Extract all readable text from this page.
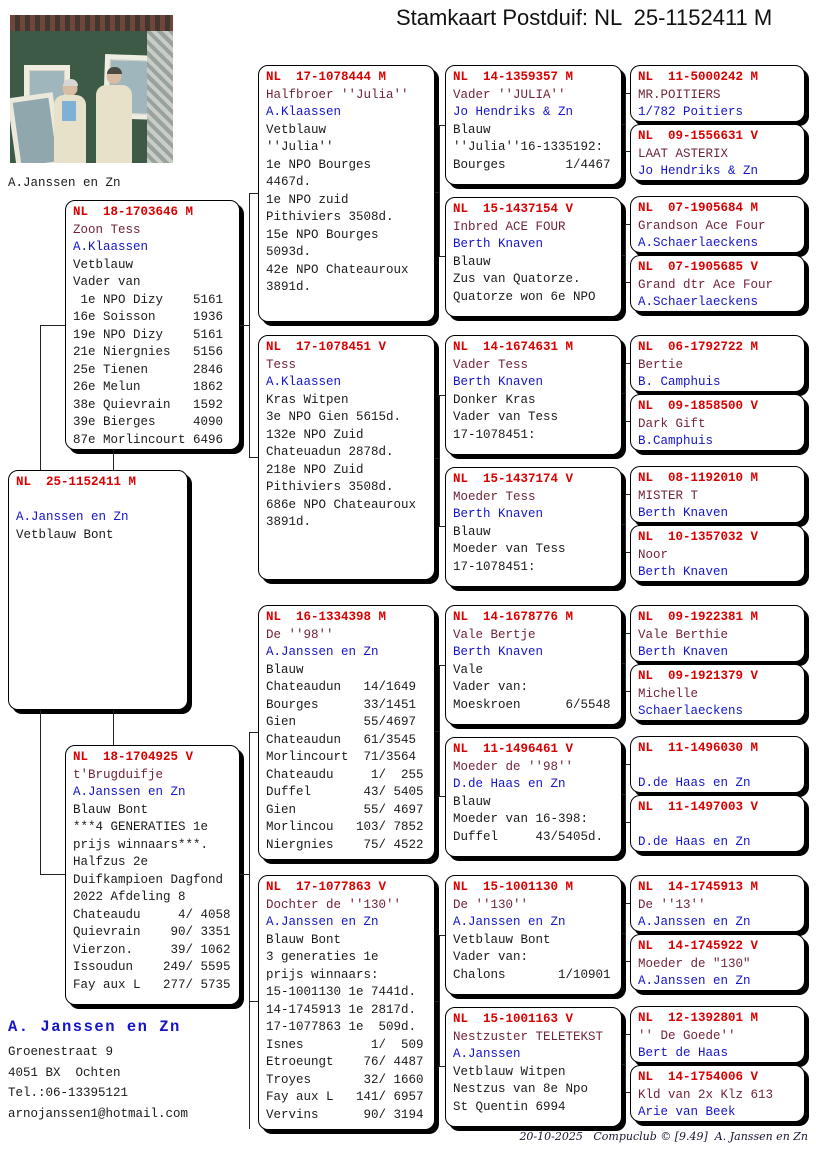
Stamkaart Postduif: NL  25-1152411 M
A.Janssen en Zn
NL  25-1152411 M
A.Janssen en Zn
Vetblauw Bont
NL  18-1703646 M
Zoon Tess
A.Klaassen
Vetblauw
Vader van
1e NPO Dizy    5161
16e Soisson     1936
19e NPO Dizy    5161
21e Niergnies   5156
25e Tienen      2846
26e Melun       1862
38e Quievrain   1592
39e Bierges     4090
87e Morlincourt 6496
NL  18-1704925 V
t'Brugduifje
A.Janssen en Zn
Blauw Bont
***4 GENERATIES 1e
prijs winnaars***.
Halfzus 2e
Duifkampioen Dagfond
2022 Afdeling 8
Chateaudu     4/ 4058
Quievrain    90/ 3351
Vierzon.     39/ 1062
Issoudun    249/ 5595
Fay aux L   277/ 5735
NL  17-1078444 M
Halfbroer ''Julia''
A.Klaassen
Vetblauw
''Julia''
1e NPO Bourges
4467d.
1e NPO zuid
Pithiviers 3508d.
15e NPO Bourges
5093d.
42e NPO Chateauroux
3891d.
NL  17-1078451 V
Tess
A.Klaassen
Kras Witpen
3e NPO Gien 5615d.
132e NPO Zuid
Chateuadun 2878d.
218e NPO Zuid
Pithiviers 3508d.
686e NPO Chateauroux
3891d.
NL  16-1334398 M
De ''98''
A.Janssen en Zn
Blauw
Chateaudun   14/1649
Bourges      33/1451
Gien         55/4697
Chateaudun   61/3545
Morlincourt  71/3564
Chateaudu     1/  255
Duffel       43/ 5405
Gien         55/ 4697
Morlincou   103/ 7852
Niergnies    75/ 4522
NL  17-1077863 V
Dochter de ''130''
A.Janssen en Zn
Blauw Bont
3 generaties 1e
prijs winnaars:
15-1001130 1e 7441d.
14-1745913 1e 2817d.
17-1077863 1e  509d.
Isnes         1/  509
Etroeungt    76/ 4487
Troyes       32/ 1660
Fay aux L   141/ 6957
Vervins      90/ 3194
NL  14-1359357 M
Vader ''JULIA''
Jo Hendriks & Zn
Blauw
''Julia''16-1335192:
Bourges        1/4467
NL  15-1437154 V
Inbred ACE FOUR
Berth Knaven
Blauw
Zus van Quatorze.
Quatorze won 6e NPO
NL  14-1674631 M
Vader Tess
Berth Knaven
Donker Kras
Vader van Tess
17-1078451:
NL  15-1437174 V
Moeder Tess
Berth Knaven
Blauw
Moeder van Tess
17-1078451:
NL  14-1678776 M
Vale Bertje
Berth Knaven
Vale
Vader van:
Moeskroen      6/5548
NL  11-1496461 V
Moeder de ''98''
D.de Haas en Zn
Blauw
Moeder van 16-398:
Duffel     43/5405d.
NL  15-1001130 M
De ''130''
A.Janssen en Zn
Vetblauw Bont
Vader van:
Chalons       1/10901
NL  15-1001163 V
Nestzuster TELETEKST
A.Janssen
Vetblauw Witpen
Nestzus van 8e Npo
St Quentin 6994
NL  11-5000242 M
MR.POITIERS
1/782 Poitiers
NL  09-1556631 V
LAAT ASTERIX
Jo Hendriks & Zn
NL  07-1905684 M
Grandson Ace Four
A.Schaerlaeckens
NL  07-1905685 V
Grand dtr Ace Four
A.Schaerlaeckens
NL  06-1792722 M
Bertie
B. Camphuis
NL  09-1858500 V
Dark Gift
B.Camphuis
NL  08-1192010 M
MISTER T
Berth Knaven
NL  10-1357032 V
Noor
Berth Knaven
NL  09-1922381 M
Vale Berthie
Berth Knaven
NL  09-1921379 V
Michelle
Schaerlaeckens
NL  11-1496030 M
D.de Haas en Zn
NL  11-1497003 V
D.de Haas en Zn
NL  14-1745913 M
De ''13''
A.Janssen en Zn
NL  14-1745922 V
Moeder de "130"
A.Janssen en Zn
NL  12-1392801 M
'' De Goede''
Bert de Haas
NL  14-1754006 V
Kld van 2x Klz 613
Arie van Beek
A. Janssen en Zn
Groenestraat 9
4051 BX  Ochten
Tel.:06-13395121
arnojanssen1@hotmail.com
20-10-2025   Compuclub © [9.49]  A. Janssen en Zn
